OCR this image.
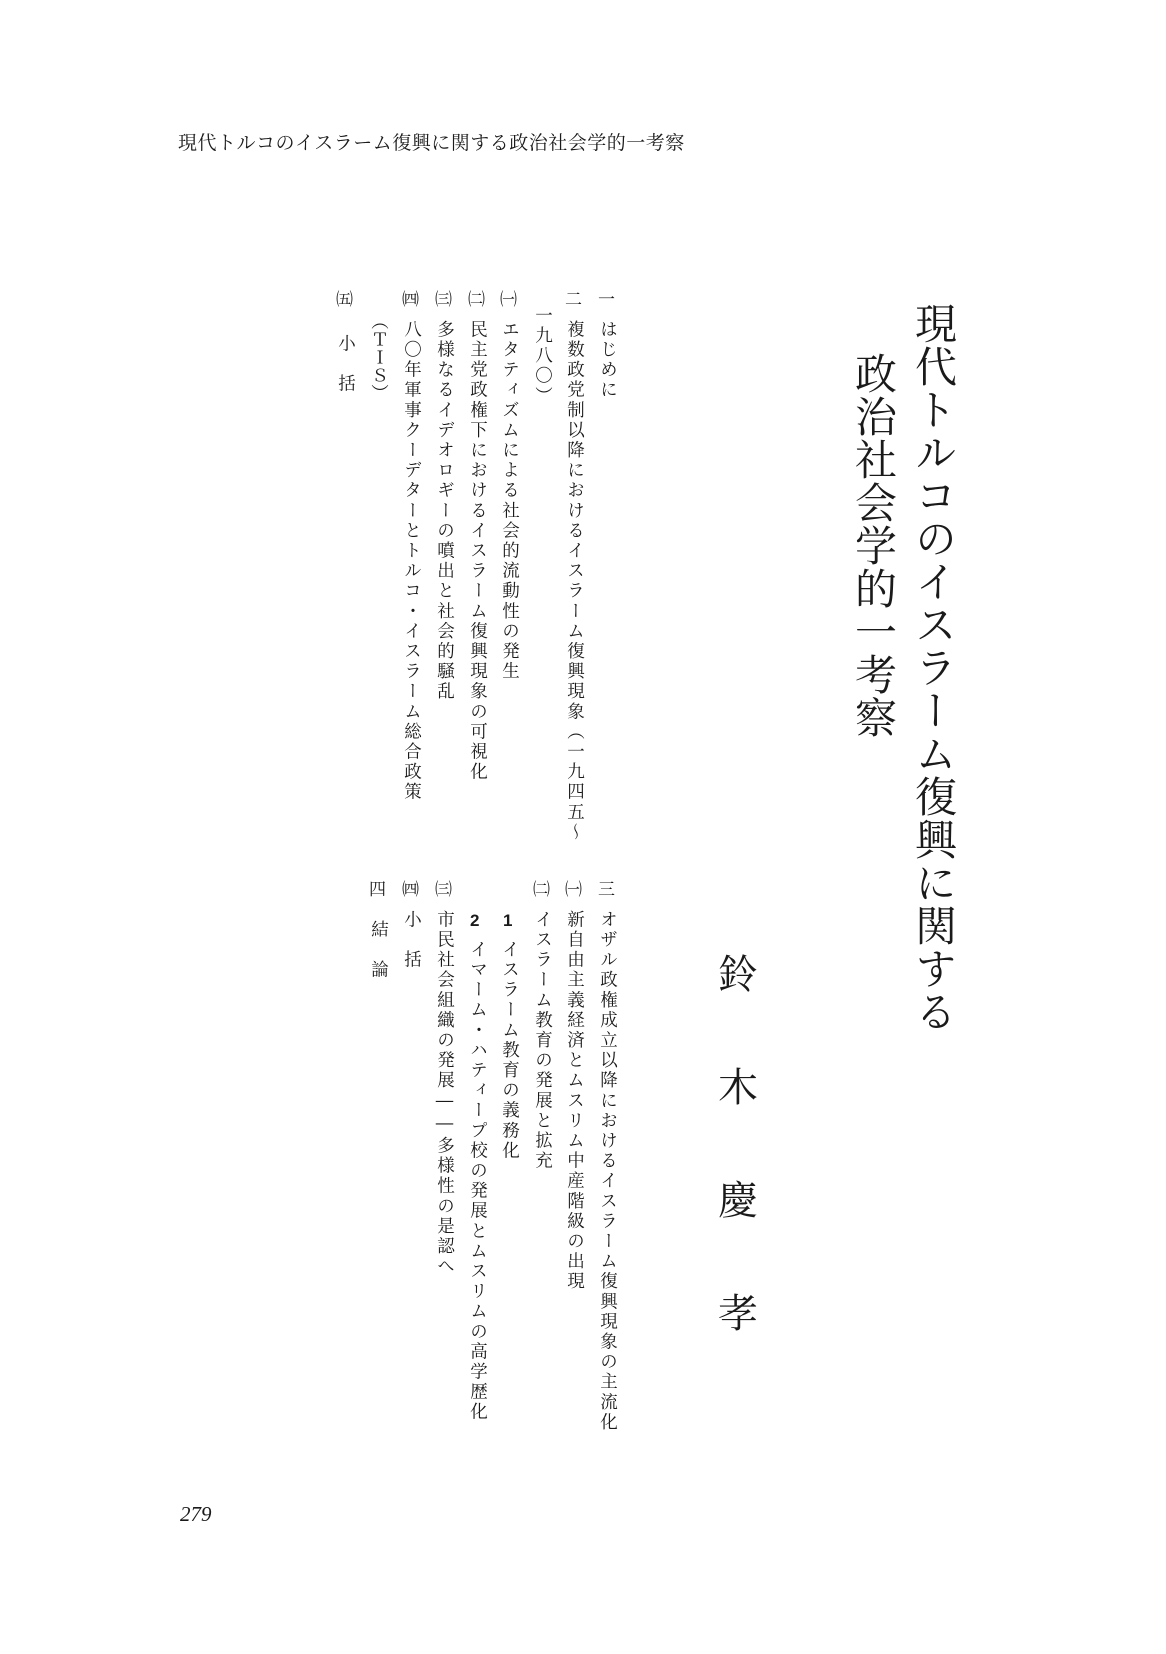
現代トルコのイスラーム復興に関する政治社会学的一考察
現代トルコのイスラーム復興に関する
政治社会学的一考察
鈴
木
慶
孝
一
はじめに
二
複数政党制以降におけるイスラーム復興現象（一九四五〜
一九八〇）
㈠
エタティズムによる社会的流動性の発生
㈡
民主党政権下におけるイスラーム復興現象の可視化
㈢
多様なるイデオロギーの噴出と社会的騒乱
㈣
八〇年軍事クーデターとトルコ・イスラーム総合政策
（ＴＩＳ）
㈤
小　括
三
オザル政権成立以降におけるイスラーム復興現象の主流化
㈠
新自由主義経済とムスリム中産階級の出現
㈡
イスラーム教育の発展と拡充
1
イスラーム教育の義務化
2
イマーム・ハティープ校の発展とムスリムの高学歴化
㈢
市民社会組織の発展――多様性の是認へ
㈣
小　括
四
結　論
279
